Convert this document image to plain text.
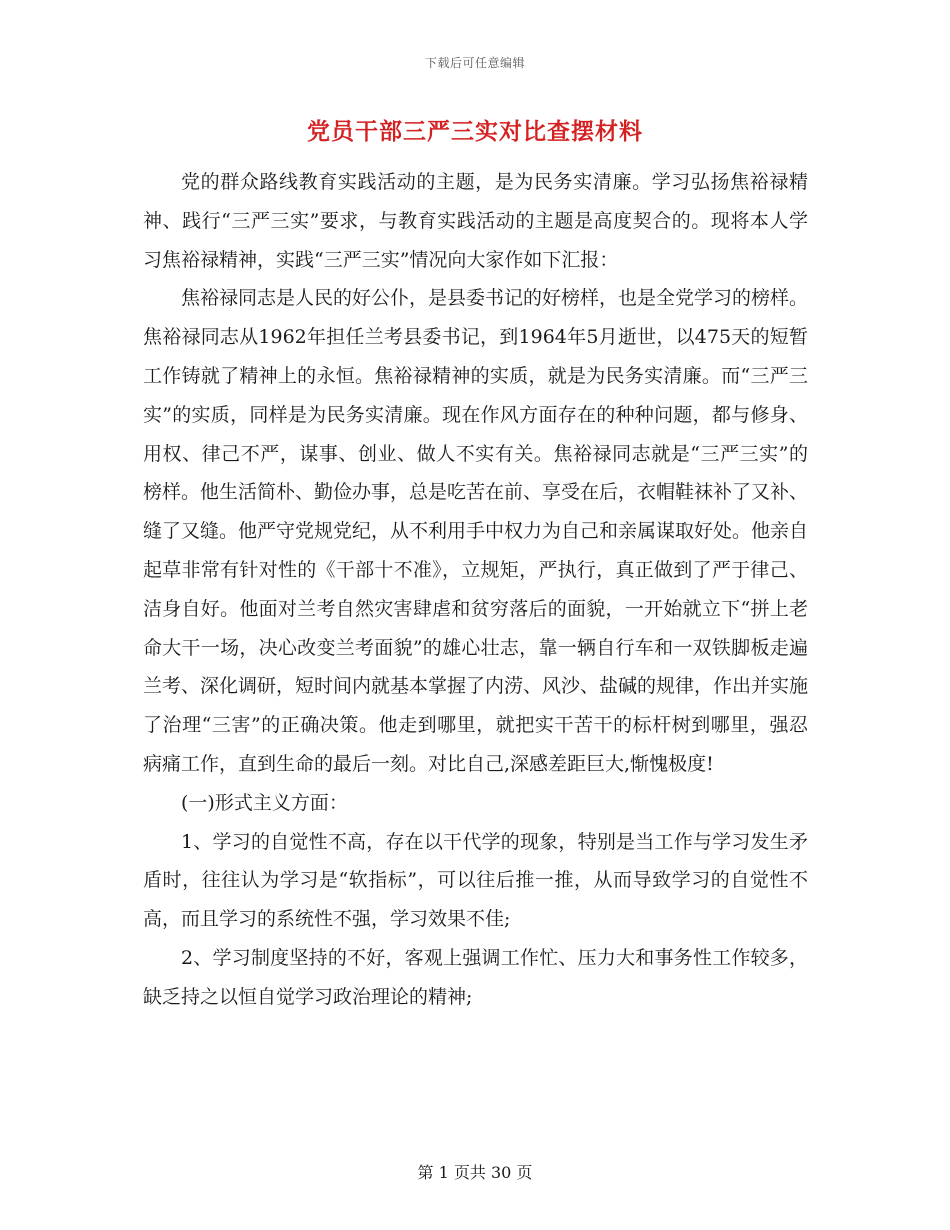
下载后可任意编辑
党员干部三严三实对比查摆材料

党的群众路线教育实践活动的主题，是为民务实清廉。学习弘扬焦裕禄精神、践行“三严三实”要求，与教育实践活动的主题是高度契合的。现将本人学习焦裕禄精神，实践“三严三实”情况向大家作如下汇报：

焦裕禄同志是人民的好公仆，是县委书记的好榜样，也是全党学习的榜样。焦裕禄同志从1962年担任兰考县委书记，到1964年5月逝世，以475天的短暂工作铸就了精神上的永恒。焦裕禄精神的实质，就是为民务实清廉。而“三严三实”的实质，同样是为民务实清廉。现在作风方面存在的种种问题，都与修身、用权、律己不严，谋事、创业、做人不实有关。焦裕禄同志就是“三严三实”的榜样。他生活简朴、勤俭办事，总是吃苦在前、享受在后，衣帽鞋袜补了又补、缝了又缝。他严守党规党纪，从不利用手中权力为自己和亲属谋取好处。他亲自起草非常有针对性的《干部十不准》，立规矩，严执行，真正做到了严于律己、洁身自好。他面对兰考自然灾害肆虐和贫穷落后的面貌，一开始就立下“拼上老命大干一场，决心改变兰考面貌”的雄心壮志，靠一辆自行车和一双铁脚板走遍兰考、深化调研，短时间内就基本掌握了内涝、风沙、盐碱的规律，作出并实施了治理“三害”的正确决策。他走到哪里，就把实干苦干的标杆树到哪里，强忍病痛工作，直到生命的最后一刻。对比自己,深感差距巨大,惭愧极度!

(一)形式主义方面：

1、学习的自觉性不高，存在以干代学的现象，特别是当工作与学习发生矛盾时，往往认为学习是“软指标”，可以往后推一推，从而导致学习的自觉性不高，而且学习的系统性不强，学习效果不佳;

2、学习制度坚持的不好，客观上强调工作忙、压力大和事务性工作较多，缺乏持之以恒自觉学习政治理论的精神;

第 1 页共 30 页
